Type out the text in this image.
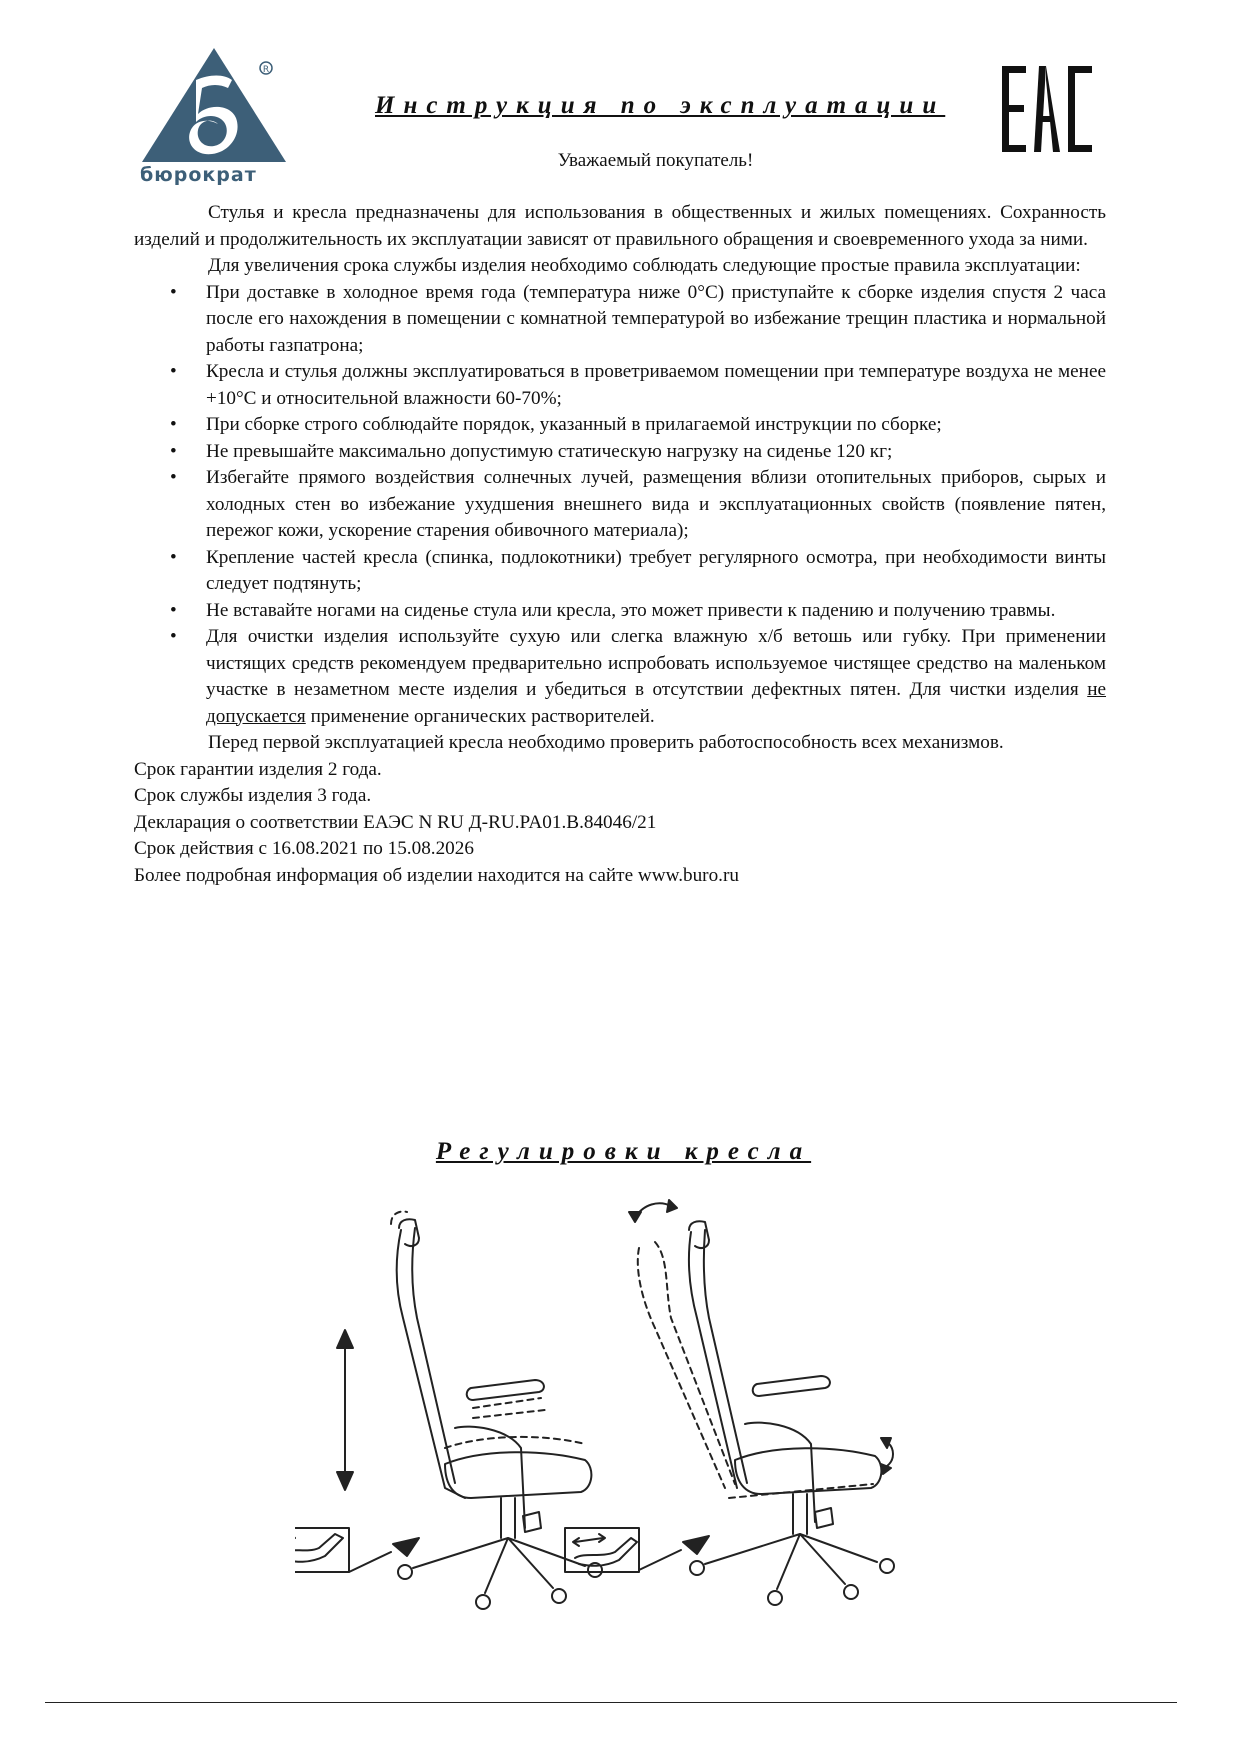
R
бюрократ
Инструкция по эксплуатации
Уважаемый покупатель!

Стулья и кресла предназначены для использования в общественных и жилых помещениях. Сохранность изделий и продолжительность их эксплуатации зависят от правильного обращения и своевременного ухода за ними.

Для увеличения срока службы изделия необходимо соблюдать следующие простые правила эксплуатации:

• При доставке в холодное время года (температура ниже 0°С) приступайте к сборке изделия спустя 2 часа после его нахождения в помещении с комнатной температурой во избежание трещин пластика и нормальной работы газпатрона;
• Кресла и стулья должны эксплуатироваться в проветриваемом помещении при температуре воздуха не менее +10°С и относительной влажности 60-70%;
• При сборке строго соблюдайте порядок, указанный в прилагаемой инструкции по сборке;
• Не превышайте максимально допустимую статическую нагрузку на сиденье 120 кг;
• Избегайте прямого воздействия солнечных лучей, размещения вблизи отопительных приборов, сырых и холодных стен во избежание ухудшения внешнего вида и эксплуатационных свойств (появление пятен, пережог кожи, ускорение старения обивочного материала);
• Крепление частей кресла (спинка, подлокотники) требует регулярного осмотра, при необходимости винты следует подтянуть;
• Не вставайте ногами на сиденье стула или кресла, это может привести к падению и получению травмы.
• Для очистки изделия используйте сухую или слегка влажную х/б ветошь или губку. При применении чистящих средств рекомендуем предварительно испробовать используемое чистящее средство на маленьком участке в незаметном месте изделия и убедиться в отсутствии дефектных пятен. Для чистки изделия не допускается применение органических растворителей.

Перед первой эксплуатацией кресла необходимо проверить работоспособность всех механизмов.

Срок гарантии изделия 2 года.

Срок службы изделия 3 года.

Декларация о соответствии ЕАЭС N RU Д-RU.PA01.B.84046/21

Срок действия с 16.08.2021 по 15.08.2026

Более подробная информация об изделии находится на сайте www.buro.ru

Регулировки кресла
